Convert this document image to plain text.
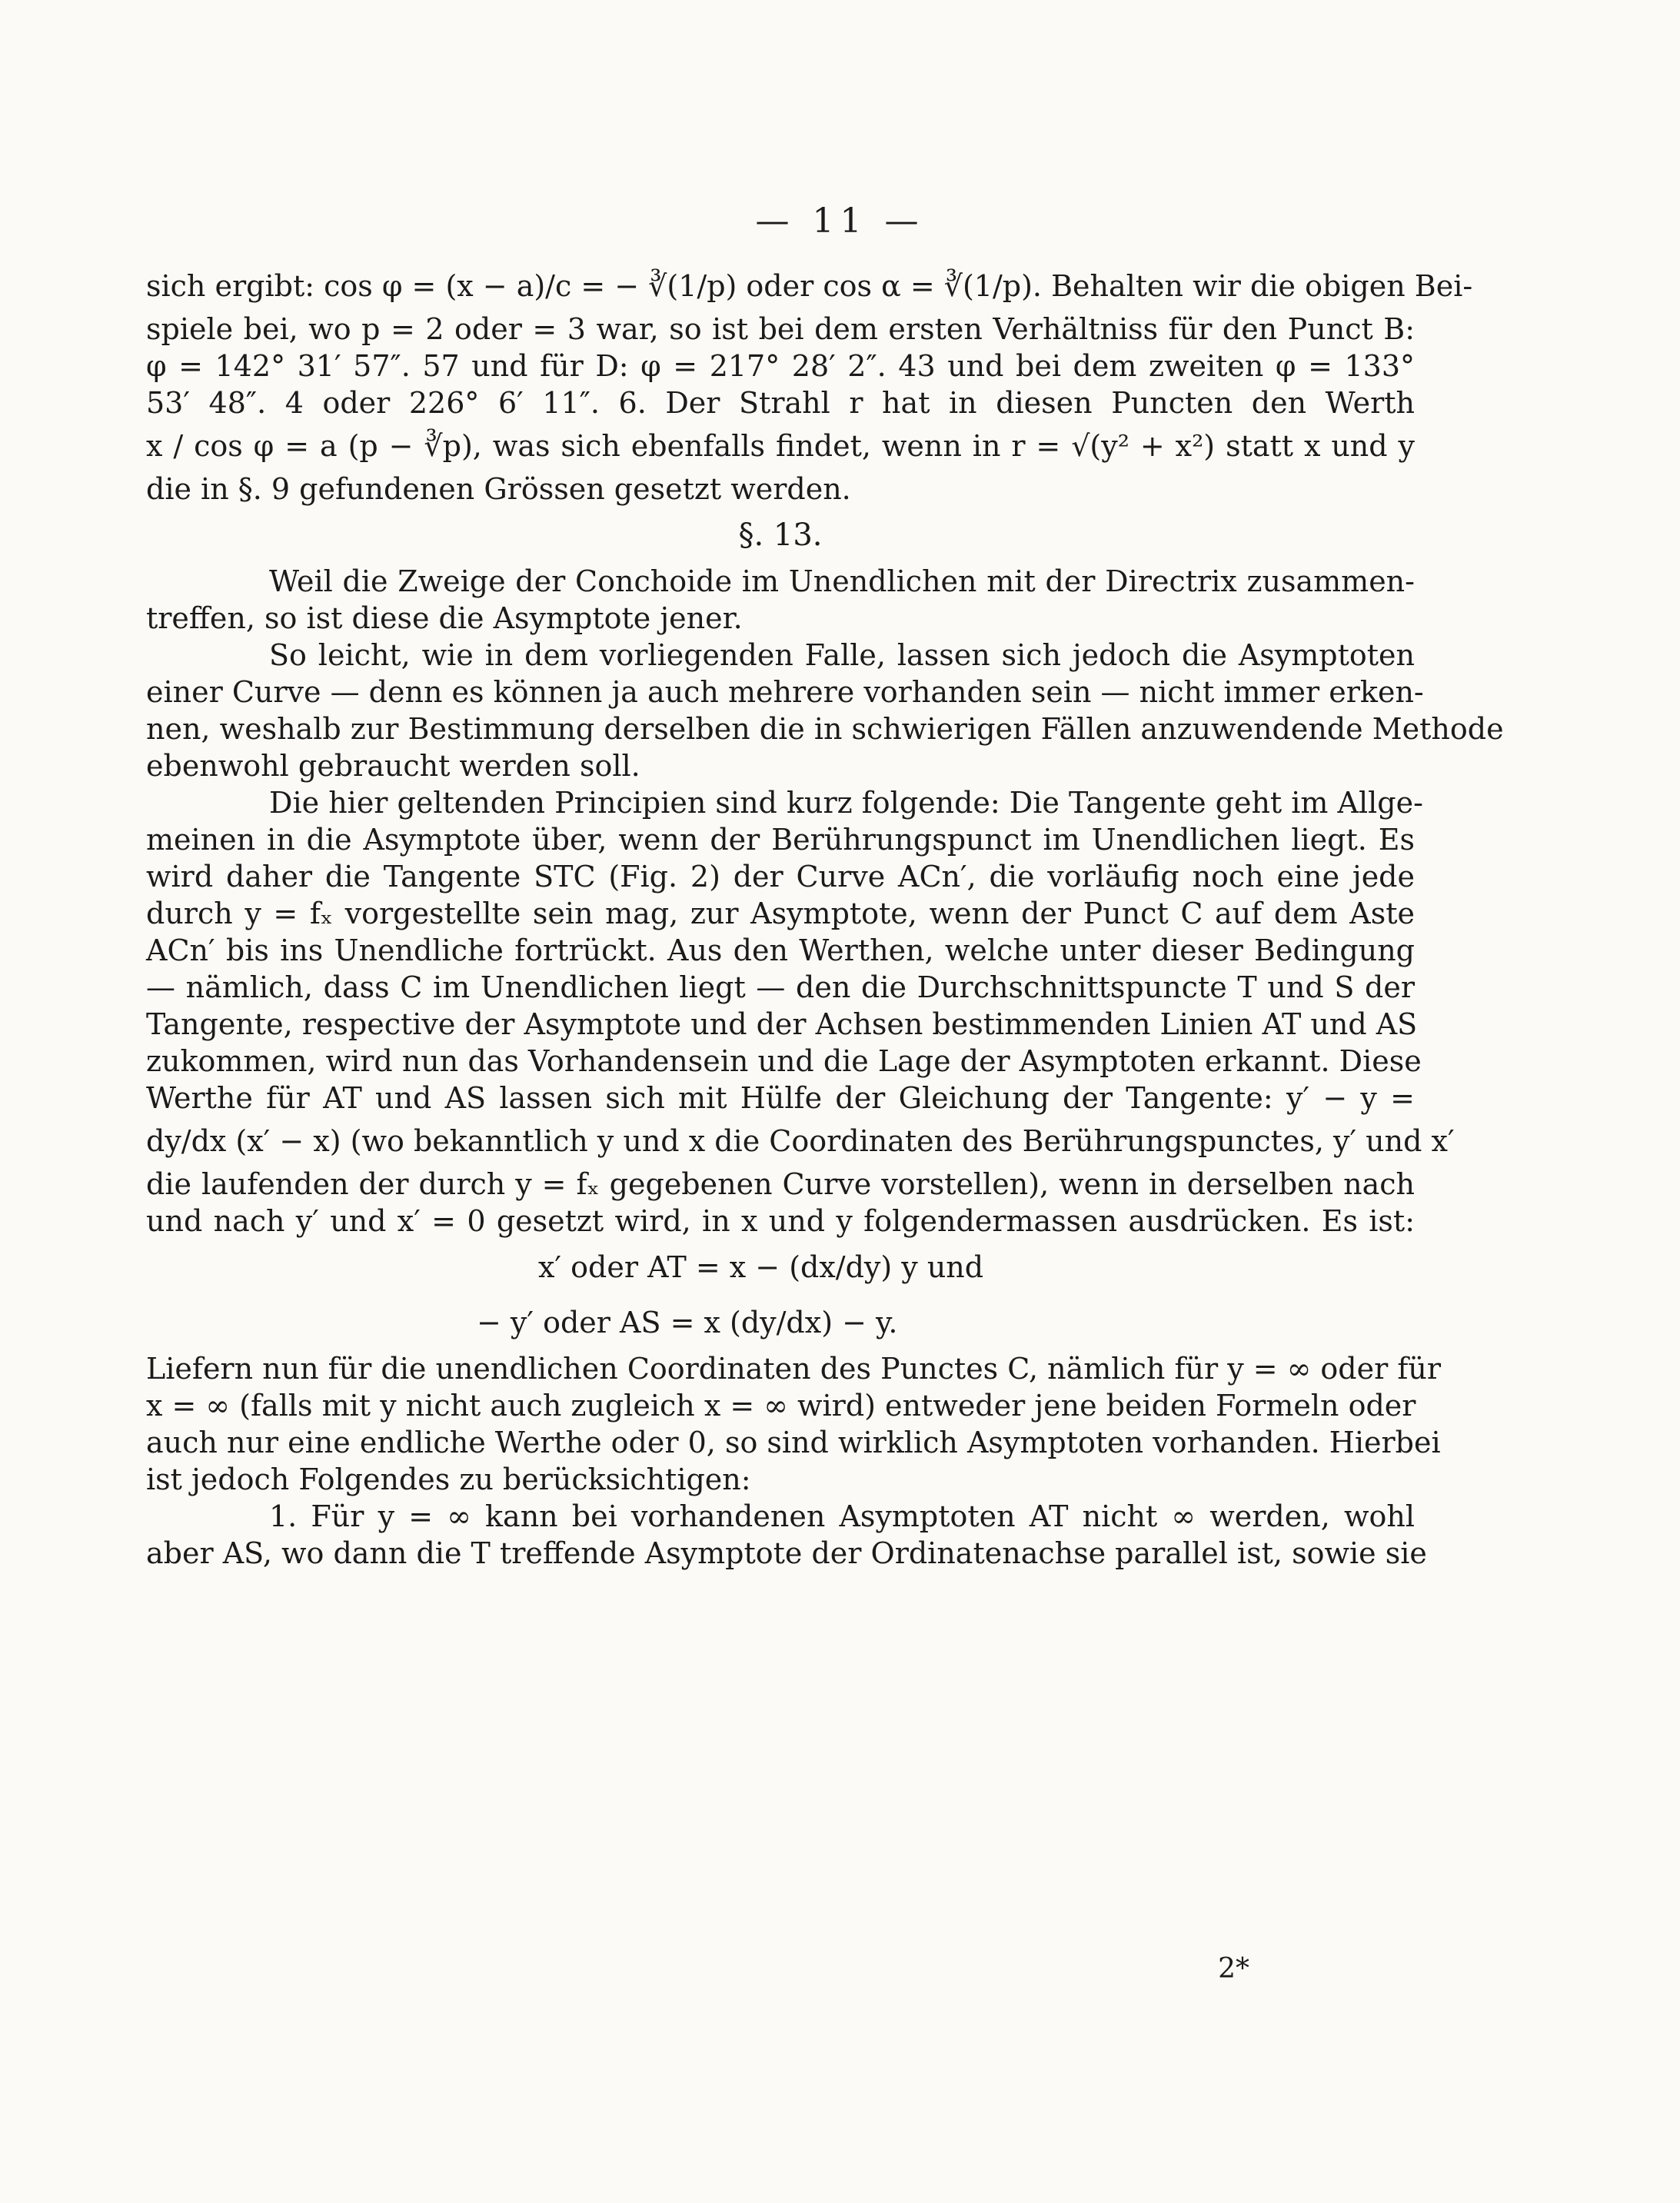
— 11 —
sich ergibt: cos φ = (x − a)/c = − ∛(1/p) oder cos α = ∛(1/p). Behalten wir die obigen Bei-
spiele bei, wo p = 2 oder = 3 war, so ist bei dem ersten Verhältniss für den Punct B:
φ = 142° 31′ 57″. 57 und für D: φ = 217° 28′ 2″. 43 und bei dem zweiten φ = 133°
53′ 48″. 4 oder 226° 6′ 11″. 6. Der Strahl r hat in diesen Puncten den Werth
x / cos φ = a (p − ∛p), was sich ebenfalls findet, wenn in r = √(y² + x²) statt x und y
die in §. 9 gefundenen Grössen gesetzt werden.
§. 13.
Weil die Zweige der Conchoide im Unendlichen mit der Directrix zusammen-
treffen, so ist diese die Asymptote jener.
So leicht, wie in dem vorliegenden Falle, lassen sich jedoch die Asymptoten
einer Curve — denn es können ja auch mehrere vorhanden sein — nicht immer erken-
nen, weshalb zur Bestimmung derselben die in schwierigen Fällen anzuwendende Methode
ebenwohl gebraucht werden soll.
Die hier geltenden Principien sind kurz folgende: Die Tangente geht im Allge-
meinen in die Asymptote über, wenn der Berührungspunct im Unendlichen liegt. Es
wird daher die Tangente STC (Fig. 2) der Curve ACn′, die vorläufig noch eine jede
durch y = fₓ vorgestellte sein mag, zur Asymptote, wenn der Punct C auf dem Aste
ACn′ bis ins Unendliche fortrückt. Aus den Werthen, welche unter dieser Bedingung
— nämlich, dass C im Unendlichen liegt — den die Durchschnittspuncte T und S der
Tangente, respective der Asymptote und der Achsen bestimmenden Linien AT und AS
zukommen, wird nun das Vorhandensein und die Lage der Asymptoten erkannt. Diese
Werthe für AT und AS lassen sich mit Hülfe der Gleichung der Tangente: y′ − y =
dy/dx (x′ − x) (wo bekanntlich y und x die Coordinaten des Berührungspunctes, y′ und x′
die laufenden der durch y = fₓ gegebenen Curve vorstellen), wenn in derselben nach
und nach y′ und x′ = 0 gesetzt wird, in x und y folgendermassen ausdrücken. Es ist:
x′ oder AT = x − (dx/dy) y und
− y′ oder AS = x (dy/dx) − y.
Liefern nun für die unendlichen Coordinaten des Punctes C, nämlich für y = ∞ oder für
x = ∞ (falls mit y nicht auch zugleich x = ∞ wird) entweder jene beiden Formeln oder
auch nur eine endliche Werthe oder 0, so sind wirklich Asymptoten vorhanden. Hierbei
ist jedoch Folgendes zu berücksichtigen:
1. Für y = ∞ kann bei vorhandenen Asymptoten AT nicht ∞ werden, wohl
aber AS, wo dann die T treffende Asymptote der Ordinatenachse parallel ist, sowie sie
2*
